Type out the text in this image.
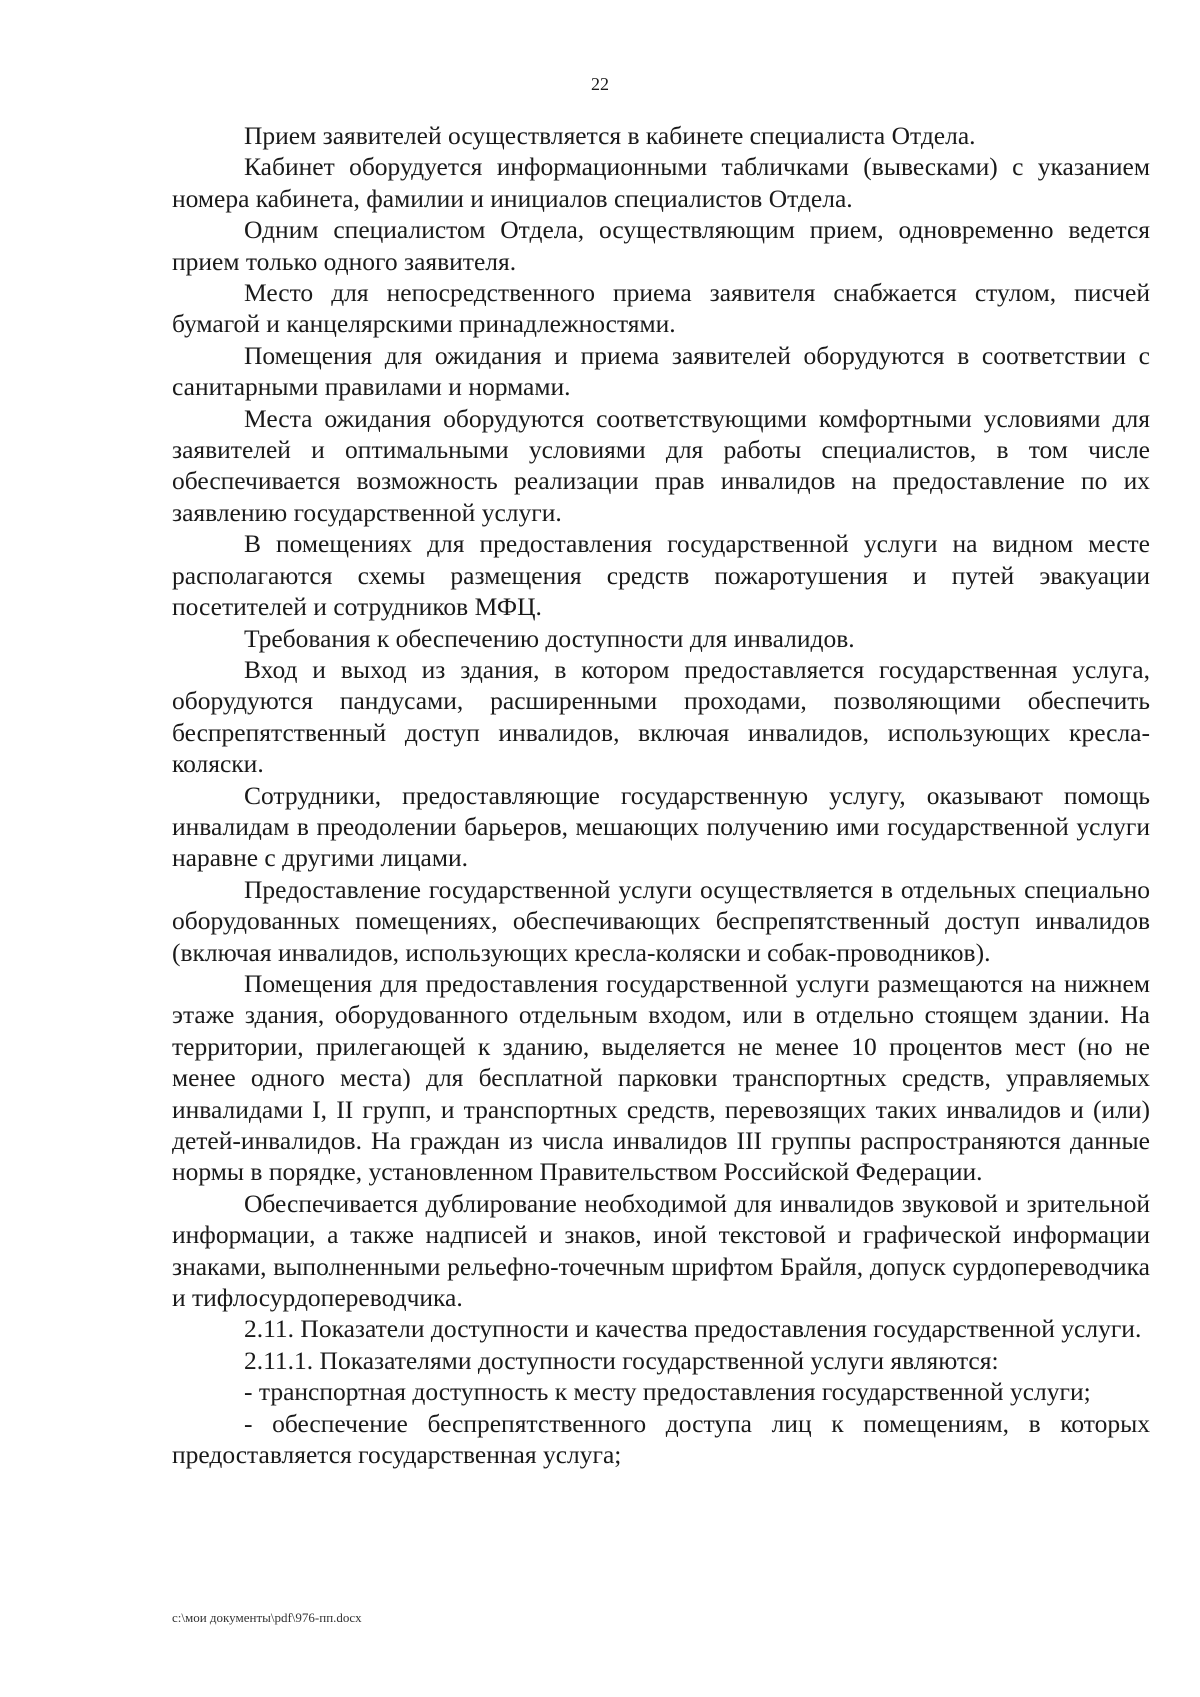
22

Прием заявителей осуществляется в кабинете специалиста Отдела.

Кабинет оборудуется информационными табличками (вывесками) с указанием номера кабинета, фамилии и инициалов специалистов Отдела.

Одним специалистом Отдела, осуществляющим прием, одновременно ведется прием только одного заявителя.

Место для непосредственного приема заявителя снабжается стулом, писчей бумагой и канцелярскими принадлежностями.

Помещения для ожидания и приема заявителей оборудуются в соответствии с санитарными правилами и нормами.

Места ожидания оборудуются соответствующими комфортными условиями для заявителей и оптимальными условиями для работы специалистов, в том числе обеспечивается возможность реализации прав инвалидов на предоставление по их заявлению государственной услуги.

В помещениях для предоставления государственной услуги на видном месте располагаются схемы размещения средств пожаротушения и путей эвакуации посетителей и сотрудников МФЦ.

Требования к обеспечению доступности для инвалидов.

Вход и выход из здания, в котором предоставляется государственная услуга, оборудуются пандусами, расширенными проходами, позволяющими обеспечить беспрепятственный доступ инвалидов, включая инвалидов, использующих кресла-коляски.

Сотрудники, предоставляющие государственную услугу, оказывают помощь инвалидам в преодолении барьеров, мешающих получению ими государственной услуги наравне с другими лицами.

Предоставление государственной услуги осуществляется в отдельных специально оборудованных помещениях, обеспечивающих беспрепятственный доступ инвалидов (включая инвалидов, использующих кресла-коляски и собак-проводников).

Помещения для предоставления государственной услуги размещаются на нижнем этаже здания, оборудованного отдельным входом, или в отдельно стоящем здании. На территории, прилегающей к зданию, выделяется не менее 10 процентов мест (но не менее одного места) для бесплатной парковки транспортных средств, управляемых инвалидами I, II групп, и транспортных средств, перевозящих таких инвалидов и (или) детей-инвалидов. На граждан из числа инвалидов III группы распространяются данные нормы в порядке, установленном Правительством Российской Федерации.

Обеспечивается дублирование необходимой для инвалидов звуковой и зрительной информации, а также надписей и знаков, иной текстовой и графической информации знаками, выполненными рельефно-точечным шрифтом Брайля, допуск сурдопереводчика и тифлосурдопереводчика.

2.11. Показатели доступности и качества предоставления государственной услуги.

2.11.1. Показателями доступности государственной услуги являются:

- транспортная доступность к месту предоставления государственной услуги;

- обеспечение беспрепятственного доступа лиц к помещениям, в которых предоставляется государственная услуга;

c:\мои документы\pdf\976-пп.docx
